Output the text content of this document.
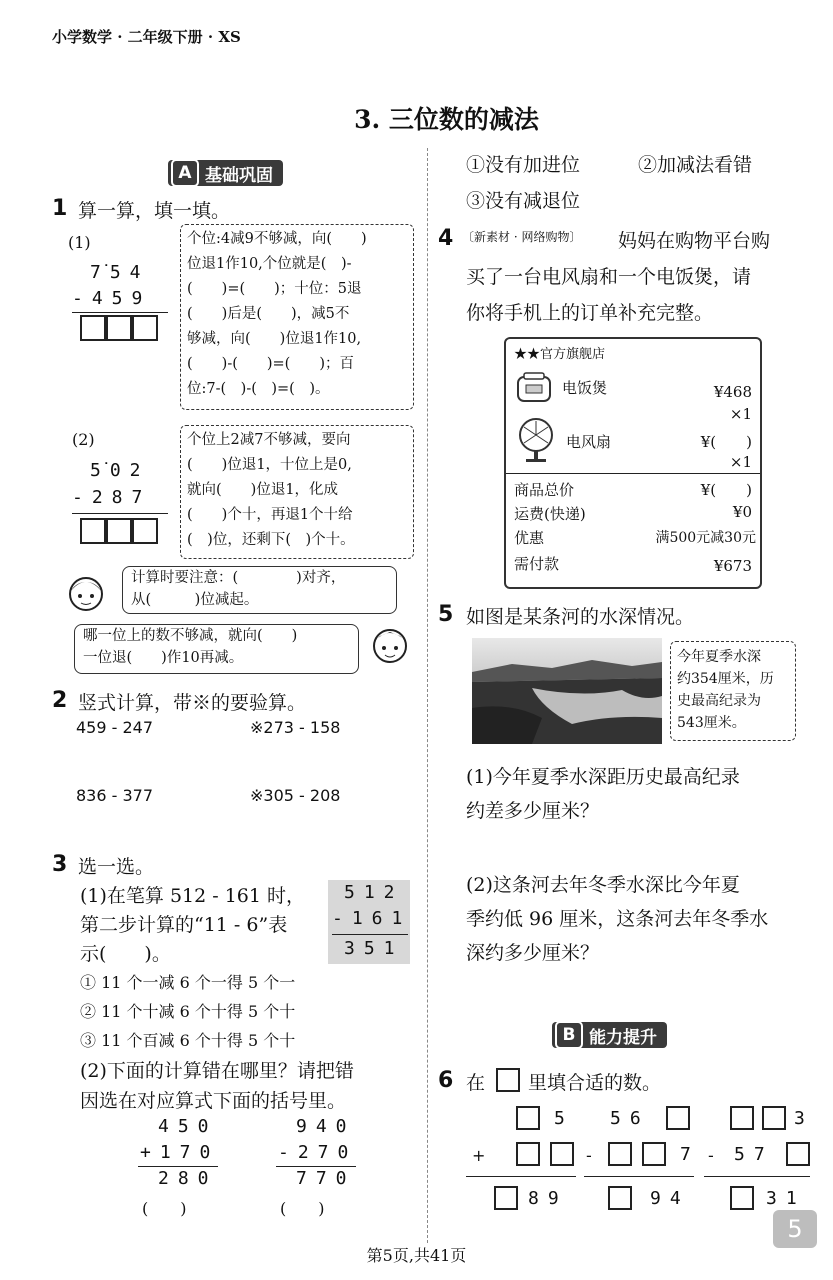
小学数学 · 二年级下册 · XS
3. 三位数的减法
A 基础巩固
1 算一算，填一填。
(1)
7̇54
-459
个位:4减9不够减，向(　　)
位退1作10,个位就是(　)-
(　　)=(　　)；十位：5退
(　　)后是(　　)，减5不
够减，向(　　)位退1作10,
(　　)-(　　)=(　　)；百
位:7-(　)-(　)=(　)。
(2)
5̇02
-287
个位上2减7不够减，要向
(　　)位退1，十位上是0,
就向(　　)位退1，化成
(　　)个十，再退1个十给
(　)位，还剩下(　)个十。
计算时要注意：(　　　　)对齐，
从(　　　)位减起。
哪一位上的数不够减，就向(　　)
一位退(　　)作10再减。
2 竖式计算，带※的要验算。
459 - 247	※273 - 158
836 - 377	※305 - 208
3 选一选。
(1)在笔算 512 - 161 时，
第二步计算的“11 - 6”表
示(　　)。
512
-161
351
① 11 个一减 6 个一得 5 个一
② 11 个十减 6 个十得 5 个十
③ 11 个百减 6 个十得 5 个十
(2)下面的计算错在哪里？请把错
因选在对应算式下面的括号里。
450
+170
280
(　　)
940
-270
770
(　　)
①没有加进位	②加减法看错
③没有减退位
4 〔新素材 · 网络购物〕 妈妈在购物平台购
买了一台电风扇和一个电饭煲，请
你将手机上的订单补充完整。
★★官方旗舰店
电饭煲	¥468
×1
电风扇	¥(　　)
×1
商品总价	¥(　　)
运费(快递)	¥0
优惠	满500元减30元
需付款	¥673
5 如图是某条河的水深情况。
今年夏季水深
约354厘米，历
史最高纪录为
543厘米。
(1)今年夏季水深距历史最高纪录
约差多少厘米？
(2)这条河去年冬季水深比今年夏
季约低 96 厘米，这条河去年冬季水
深约多少厘米？
B 能力提升
6 在 里填合适的数。
5
+
89
56
-	7
94
3
- 57
31
第5页,共41页
5
